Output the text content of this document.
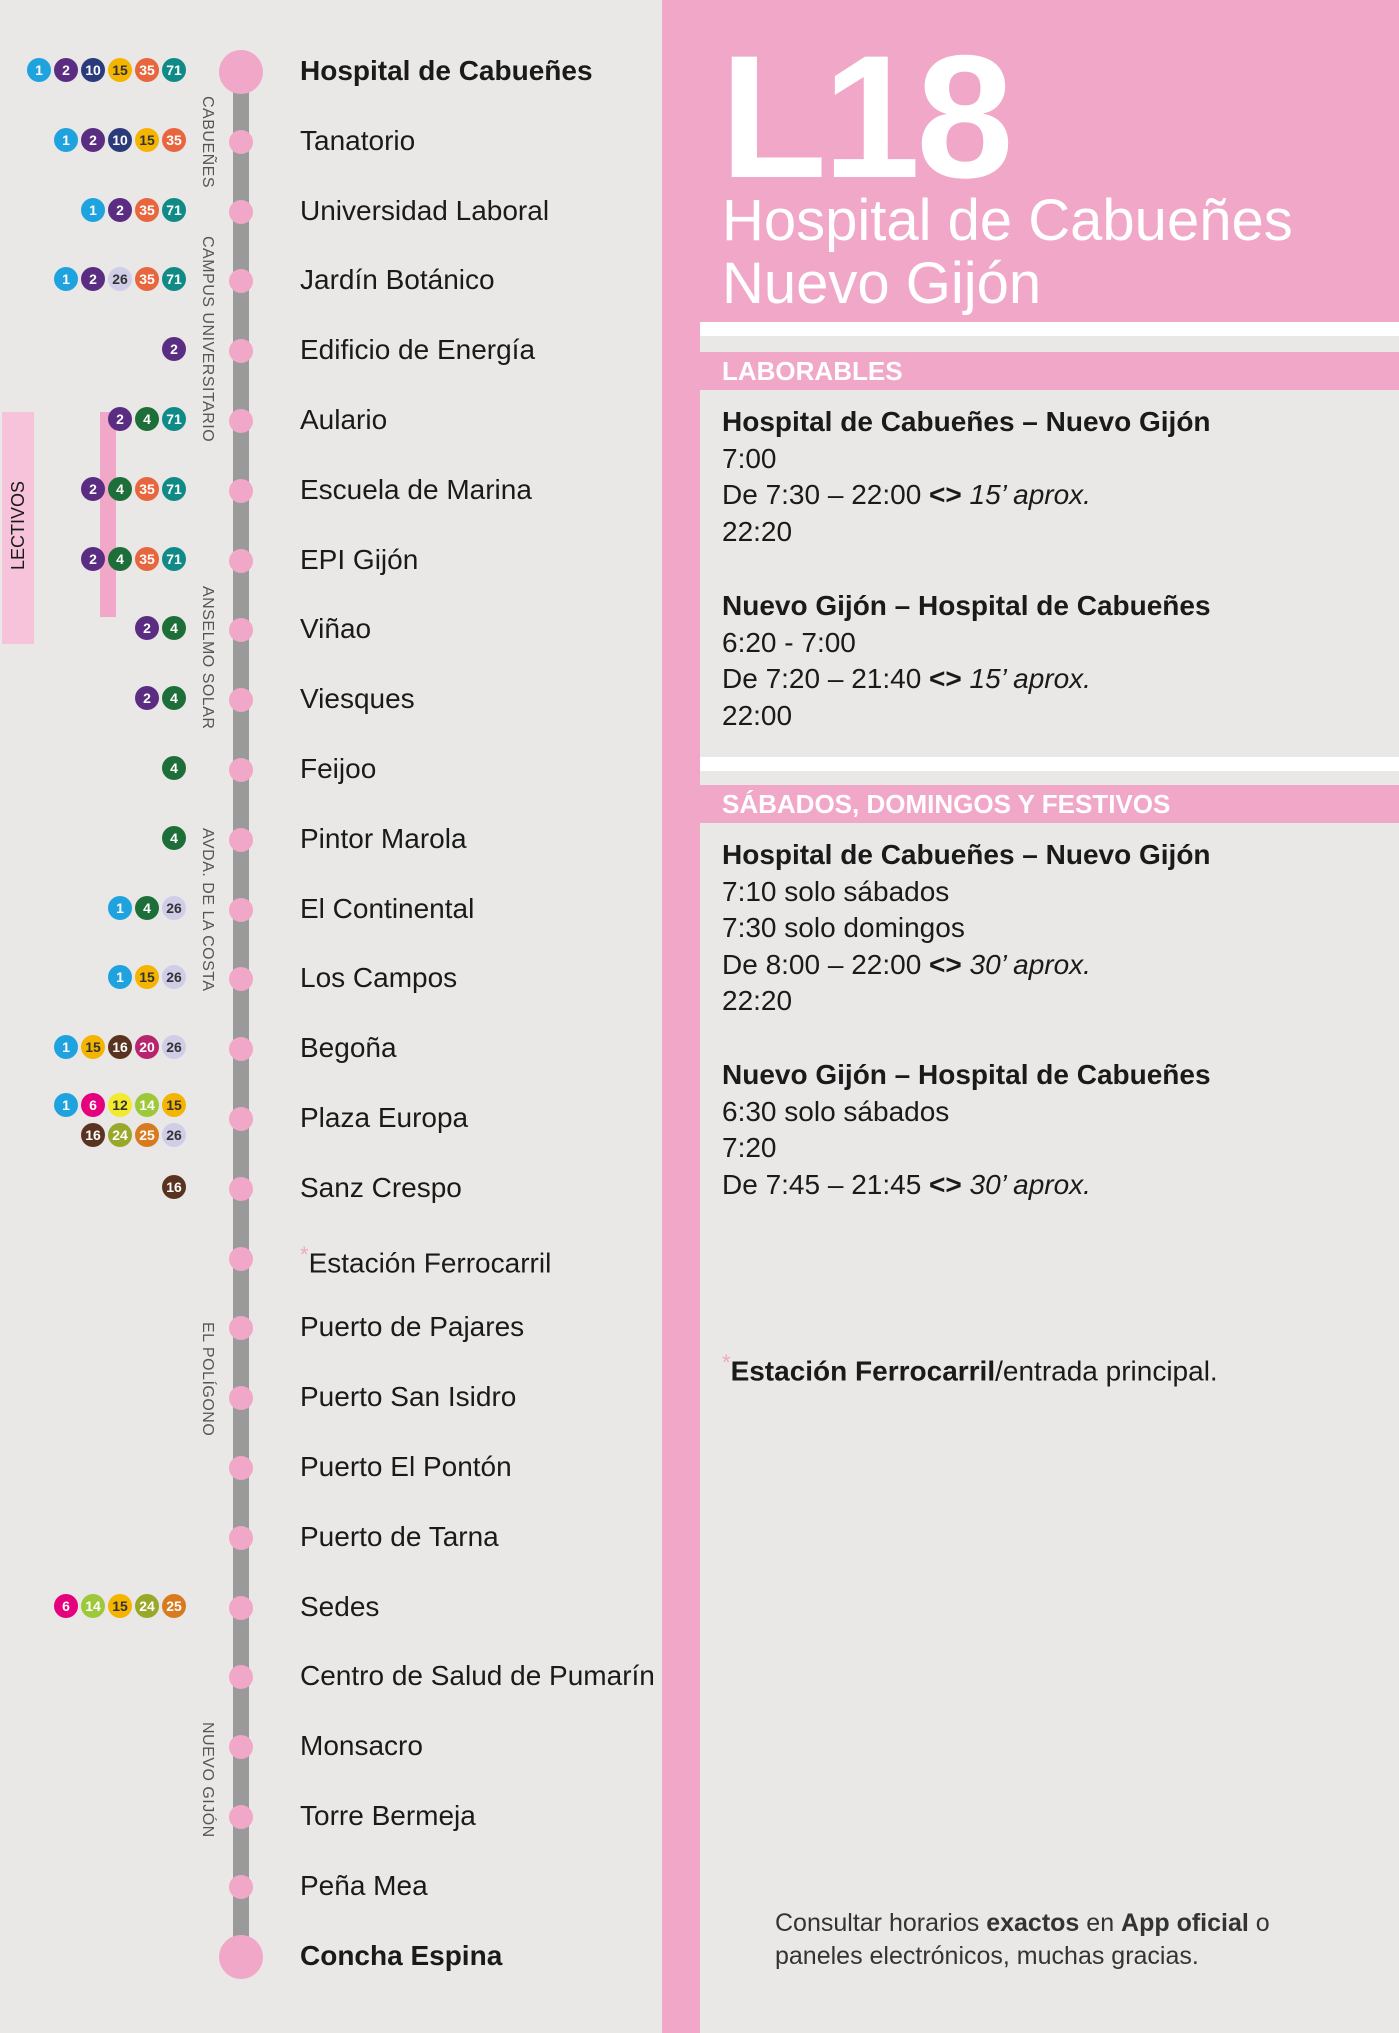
LECTIVOS
Hospital de Cabueñes
1	2	10 15 35 71
Tanatorio
1	2	10 15 35
Universidad Laboral
1	2	35 71
Jardín Botánico
1	2	26 35 71
Edificio de Energía
2
Aulario
2	4	71
Escuela de Marina
2	4	35 71
EPI Gijón
2	4	35 71
Viñao
2	4
Viesques
2	4
Feijoo
4
Pintor Marola
4
El Continental
1	4	26
Los Campos
1	15 26
Begoña
1	15 16 20 26
Plaza Europa
1	6	12 14 15
16 24 25 26
Sanz Crespo
16
*Estación Ferrocarril
Puerto de Pajares
Puerto San Isidro
Puerto El Pontón
Puerto de Tarna
Sedes
6	14 15 24 25
Centro de Salud de Pumarín
Monsacro
Torre Bermeja
Peña Mea
Concha Espina
CABUEÑES
CAMPUS UNIVERSITARIO
ANSELMO SOLAR
AVDA. DE LA COSTA
EL POLÍGONO
NUEVO GIJÓN
L18
Hospital de Cabueñes
Nuevo Gijón
LABORABLES
Hospital de Cabueñes – Nuevo Gijón
7:00
De 7:30 – 22:00 <> 15’ aprox.
22:20
Nuevo Gijón – Hospital de Cabueñes
6:20 - 7:00
De 7:20 – 21:40 <> 15’ aprox.
22:00
SÁBADOS, DOMINGOS Y FESTIVOS
Hospital de Cabueñes – Nuevo Gijón
7:10 solo sábados
7:30 solo domingos
De 8:00 – 22:00 <> 30’ aprox.
22:20
Nuevo Gijón – Hospital de Cabueñes
6:30 solo sábados
7:20
De 7:45 – 21:45 <> 30’ aprox.
*Estación Ferrocarril/entrada principal.
Consultar horarios exactos en App oficial o
paneles electrónicos, muchas gracias.
